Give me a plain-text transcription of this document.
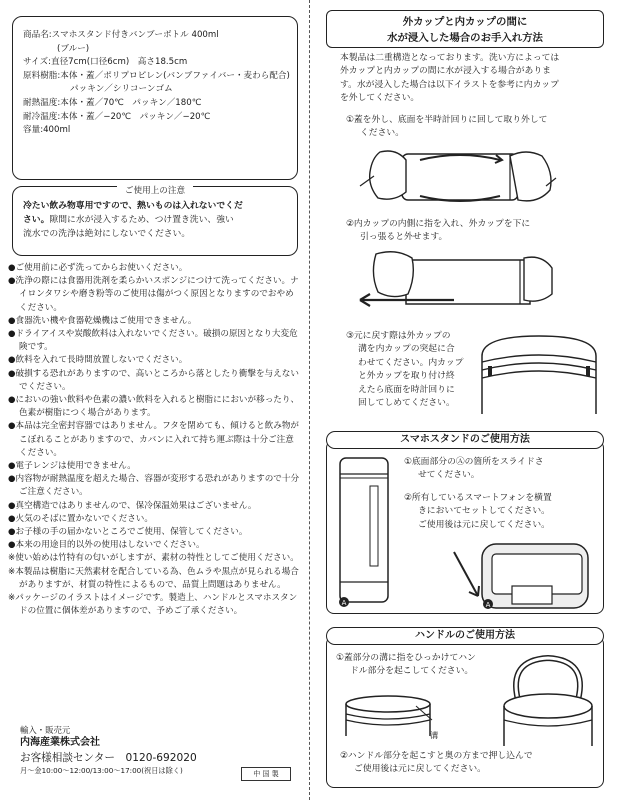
商品名:スマホスタンド付きバンブーボトル 400ml
(ブルー)
サイズ:直径7cm(口径6cm)　高さ18.5cm
原料樹脂:本体・蓋／ポリプロピレン(バンブファイバー・麦わら配合)
パッキン／シリコーンゴム
耐熱温度:本体・蓋／70℃　パッキン／180℃
耐冷温度:本体・蓋／−20℃　パッキン／−20℃
容量:400ml
ご使用上の注意
冷たい飲み物専用ですので、熱いものは入れないでくだ
さい。隙間に水が浸入するため、つけ置き洗い、強い
流水での洗浄は絶対にしないでください。
●ご使用前に必ず洗ってからお使いください。
●洗浄の際には食器用洗剤を柔らかいスポンジにつけて洗ってください。ナイロンタワシや磨き粉等のご使用は傷がつく原因となりますのでおやめください。
●食器洗い機や食器乾燥機はご使用できません。
●ドライアイスや炭酸飲料は入れないでください。破損の原因となり大変危険です。
●飲料を入れて長時間放置しないでください。
●破損する恐れがありますので、高いところから落としたり衝撃を与えないでください。
●においの強い飲料や色素の濃い飲料を入れると樹脂ににおいが移ったり、色素が樹脂につく場合があります。
●本品は完全密封容器ではありません。フタを閉めても、傾けると飲み物がこぼれることがありますので、カバンに入れて持ち運ぶ際は十分ご注意ください。
●電子レンジは使用できません。
●内容物が耐熱温度を超えた場合、容器が変形する恐れがありますので十分ご注意ください。
●真空構造ではありませんので、保冷保温効果はございません。
●火気のそばに置かないでください。
●お子様の手の届かないところでご使用、保管してください。
●本来の用途目的以外の使用はしないでください。
※使い始めは竹特有の匂いがしますが、素材の特性としてご使用ください。
※本製品は樹脂に天然素材を配合している為、色ムラや黒点が見られる場合がありますが、材質の特性によるもので、品質上問題はありません。
※パッケージのイラストはイメージです。製造上、ハンドルとスマホスタンドの位置に個体差がありますので、予めご了承ください。
輸入・販売元
内海産業株式会社
お客様相談センター　0120-692020
月〜金10:00〜12:00/13:00〜17:00(祝日は除く)	中 国 製
外カップと内カップの間に
水が浸入した場合のお手入れ方法
本製品は二重構造となっております。洗い方によっては
外カップと内カップの間に水が浸入する場合がありま
す。水が浸入した場合は以下イラストを参考に内カップ
を外してください。
①蓋を外し、底面を半時計回りに回して取り外して
ください。
②内カップの内側に指を入れ、外カップを下に
引っ張ると外せます。
③元に戻す際は外カップの
溝を内カップの突起に合
わせてください。内カップ
と外カップを取り付け終
えたら底面を時計回りに
回してしめてください。
スマホスタンドのご使用方法
A
①底面部分のⒶの箇所をスライドさ
せてください。
②所有しているスマートフォンを横置
きにおいてセットしてください。
ご使用後は元に戻してください。
A
ハンドルのご使用方法
①蓋部分の溝に指をひっかけてハン
ドル部分を起こしてください。
溝
②ハンドル部分を起こすと奥の方まで押し込んで
ご使用後は元に戻してください。
